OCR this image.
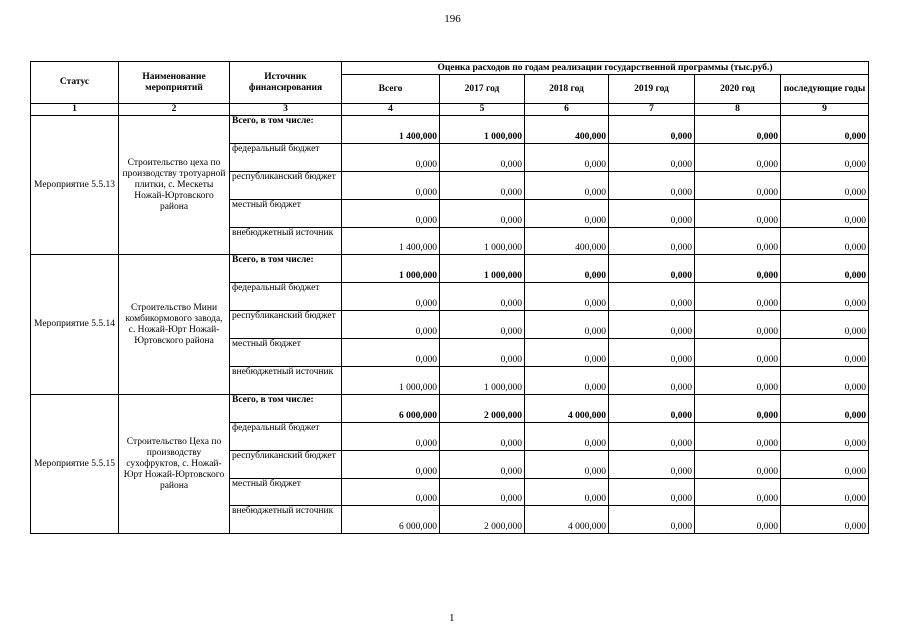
196
Статус	Наименование мероприятий	Источник финансирования	Оценка расходов по годам реализации государственной программы (тыс.руб.)					
			Всего	2017 год	2018 год	2019 год	2020 год	последующие годы
1	2	3	4	5	6	7	8	9
Мероприятие 5.5.13	Строительство цеха по производству тротуарной плитки, с. Мескеты Ножай-Юртовского района	Всего, в том числе:	1 400,000	1 000,000	400,000	0,000	0,000	0,000
		федеральный бюджет	0,000	0,000	0,000	0,000	0,000	0,000
		республиканский бюджет	0,000	0,000	0,000	0,000	0,000	0,000
		местный бюджет	0,000	0,000	0,000	0,000	0,000	0,000
		внебюджетный источник	1 400,000	1 000,000	400,000	0,000	0,000	0,000
Мероприятие 5.5.14	Строительство Мини комбикормового завода, с. Ножай-Юрт Ножай-Юртовского района	Всего, в том числе:	1 000,000	1 000,000	0,000	0,000	0,000	0,000
		федеральный бюджет	0,000	0,000	0,000	0,000	0,000	0,000
		республиканский бюджет	0,000	0,000	0,000	0,000	0,000	0,000
		местный бюджет	0,000	0,000	0,000	0,000	0,000	0,000
		внебюджетный источник	1 000,000	1 000,000	0,000	0,000	0,000	0,000
Мероприятие 5.5.15	Строительство Цеха по производству сухофруктов, с. Ножай-Юрт Ножай-Юртовского района	Всего, в том числе:	6 000,000	2 000,000	4 000,000	0,000	0,000	0,000
		федеральный бюджет	0,000	0,000	0,000	0,000	0,000	0,000
		республиканский бюджет	0,000	0,000	0,000	0,000	0,000	0,000
		местный бюджет	0,000	0,000	0,000	0,000	0,000	0,000
		внебюджетный источник	6 000,000	2 000,000	4 000,000	0,000	0,000	0,000
1
